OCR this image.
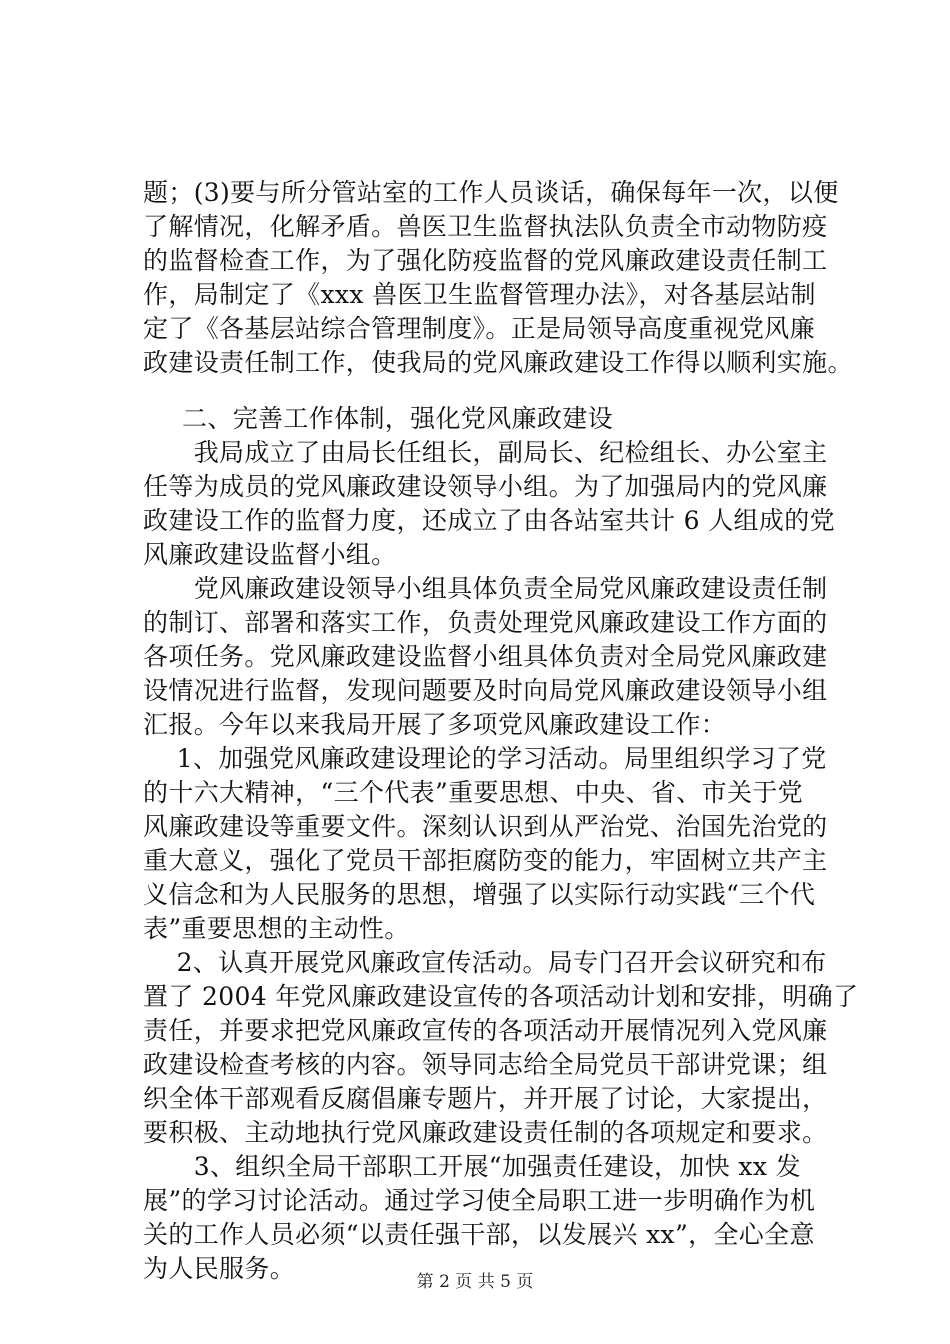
题；(3)要与所分管站室的工作人员谈话，确保每年一次，以便
了解情况，化解矛盾。兽医卫生监督执法队负责全市动物防疫
的监督检查工作，为了强化防疫监督的党风廉政建设责任制工
作，局制定了《xxx 兽医卫生监督管理办法》，对各基层站制
定了《各基层站综合管理制度》。正是局领导高度重视党风廉
政建设责任制工作，使我局的党风廉政建设工作得以顺利实施。
二、完善工作体制，强化党风廉政建设
　　我局成立了由局长任组长，副局长、纪检组长、办公室主
任等为成员的党风廉政建设领导小组。为了加强局内的党风廉
政建设工作的监督力度，还成立了由各站室共计 6 人组成的党
风廉政建设监督小组。
　　党风廉政建设领导小组具体负责全局党风廉政建设责任制
的制订、部署和落实工作，负责处理党风廉政建设工作方面的
各项任务。党风廉政建设监督小组具体负责对全局党风廉政建
设情况进行监督，发现问题要及时向局党风廉政建设领导小组
汇报。今年以来我局开展了多项党风廉政建设工作：
　 1、加强党风廉政建设理论的学习活动。局里组织学习了党
的十六大精神，“三个代表”重要思想、中央、省、市关于党
风廉政建设等重要文件。深刻认识到从严治党、治国先治党的
重大意义，强化了党员干部拒腐防变的能力，牢固树立共产主
义信念和为人民服务的思想，增强了以实际行动实践“三个代
表”重要思想的主动性。
　 2、认真开展党风廉政宣传活动。局专门召开会议研究和布
置了 2004 年党风廉政建设宣传的各项活动计划和安排，明确了
责任，并要求把党风廉政宣传的各项活动开展情况列入党风廉
政建设检查考核的内容。领导同志给全局党员干部讲党课；组
织全体干部观看反腐倡廉专题片，并开展了讨论，大家提出，
要积极、主动地执行党风廉政建设责任制的各项规定和要求。
　　3、组织全局干部职工开展“加强责任建设，加快 xx 发
展”的学习讨论活动。通过学习使全局职工进一步明确作为机
关的工作人员必须“以责任强干部，以发展兴 xx”，全心全意
为人民服务。	第 2 页 共 5 页
